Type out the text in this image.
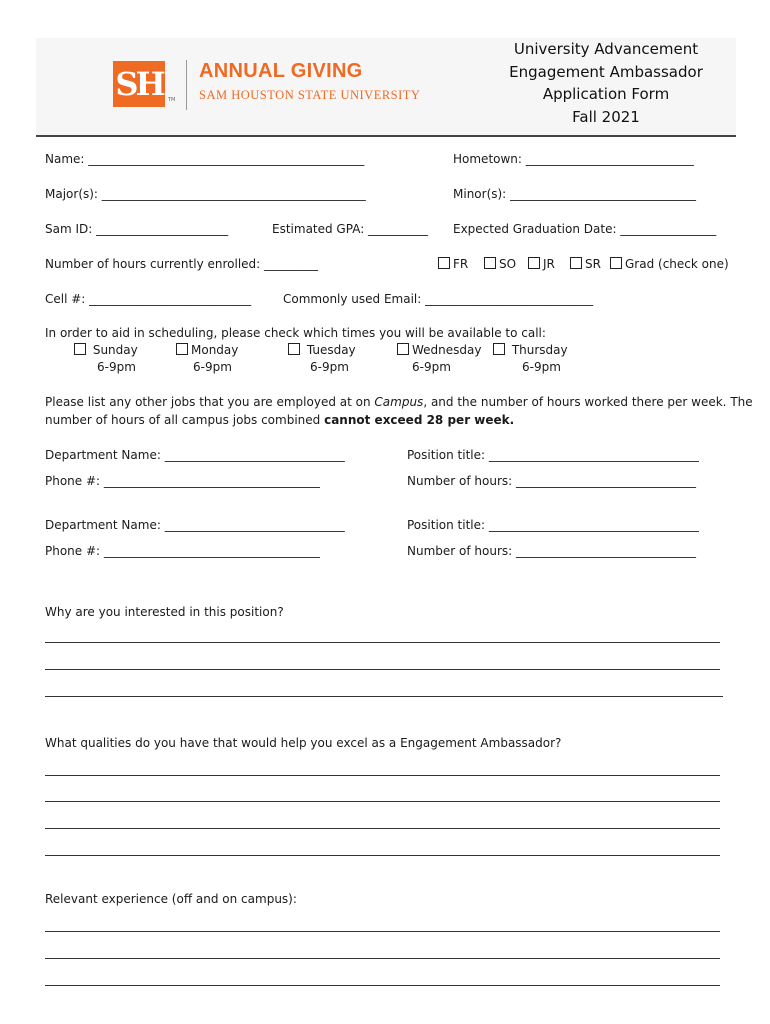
SH	TM
ANNUAL GIVING
SAM HOUSTON STATE UNIVERSITY
University Advancement
Engagement Ambassador
Application Form
Fall 2021
Name: ______________________________________________	Hometown: ____________________________
Major(s): ____________________________________________	Minor(s): _______________________________
Sam ID: ______________________	Estimated GPA: __________ Expected Graduation Date: ________________
Number of hours currently enrolled: _________	FR	SO	JR	SR	Grad (check one)
Cell #: ___________________________	Commonly used Email: ____________________________
In order to aid in scheduling, please check which times you will be available to call:
Sunday
6-9pm
Monday
6-9pm
Tuesday
6-9pm
Wednesday
6-9pm
Thursday
6-9pm
Please list any other jobs that you are employed at on Campus, and the number of hours worked there per week. The
number of hours of all campus jobs combined cannot exceed 28 per week.
Department Name: ______________________________	Position title: ___________________________________
Phone #: ____________________________________	Number of hours: ______________________________
Department Name: ______________________________	Position title: ___________________________________
Phone #: ____________________________________	Number of hours: ______________________________
Why are you interested in this position?
What qualities do you have that would help you excel as a Engagement Ambassador?
Relevant experience (off and on campus):
